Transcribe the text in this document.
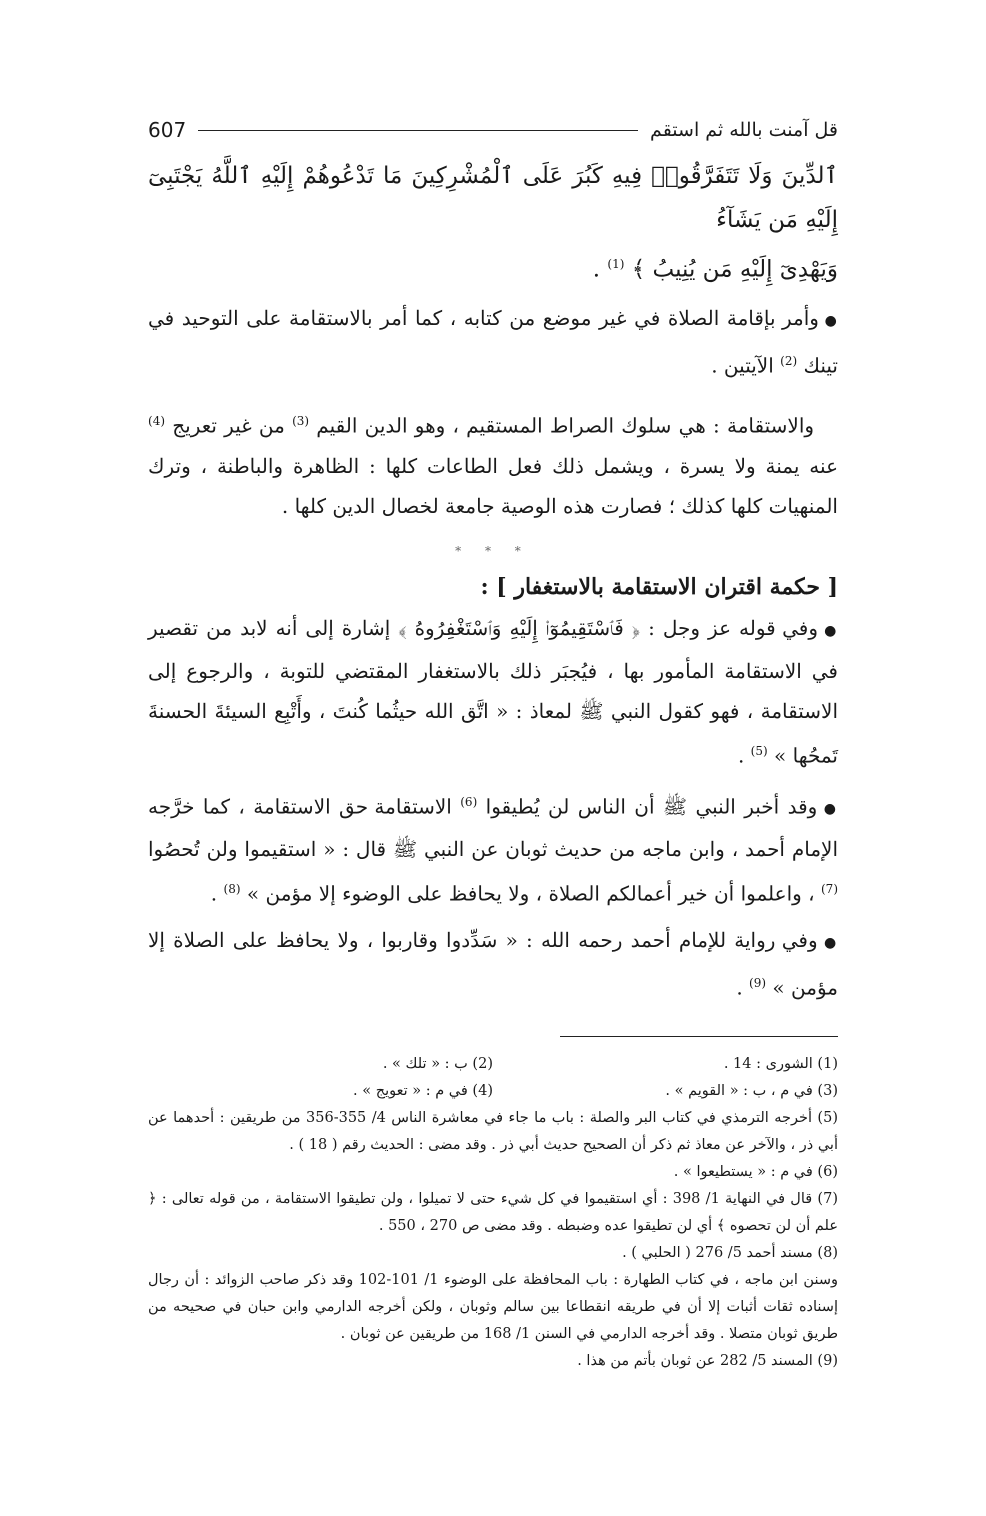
قل آمنت بالله ثم استقم
607
ٱلدِّينَ وَلَا تَتَفَرَّقُوا۟ فِيهِ كَبُرَ عَلَى ٱلْمُشْرِكِينَ مَا تَدْعُوهُمْ إِلَيْهِ ٱللَّهُ يَجْتَبِىٓ إِلَيْهِ مَن يَشَآءُ
وَيَهْدِىٓ إِلَيْهِ مَن يُنِيبُ ﴾ $^{(1)}$ .

● وأمر بإقامة الصلاة في غير موضع من كتابه ، كما أمر بالاستقامة على التوحيد في تينك $^{(2)}$ الآيتين .

والاستقامة : هي سلوك الصراط المستقيم ، وهو الدين القيم $^{(3)}$ من غير تعريج $^{(4)}$ عنه يمنة ولا يسرة ، ويشمل ذلك فعل الطاعات كلها : الظاهرة والباطنة ، وترك المنهيات كلها كذلك ؛ فصارت هذه الوصية جامعة لخصال الدين كلها .

* * *
[ حكمة اقتران الاستقامة بالاستغفار ] :

● وفي قوله عز وجل : ﴿ فَٱسْتَقِيمُوٓا۟ إِلَيْهِ وَٱسْتَغْفِرُوهُ ﴾ إشارة إلى أنه لابد من تقصير في الاستقامة المأمور بها ، فيُجبَر ذلك بالاستغفار المقتضي للتوبة ، والرجوع إلى الاستقامة ، فهو كقول النبي ﷺ لمعاذ : « اتَّق الله حيثُما كُنتَ ، وأَتْبِع السيئةَ الحسنةَ تَمحُها » $^{(5)}$ .

● وقد أخبر النبي ﷺ أن الناس لن يُطيقوا $^{(6)}$ الاستقامة حق الاستقامة ، كما خرَّجه الإمام أحمد ، وابن ماجه من حديث ثوبان عن النبي ﷺ قال : « استقيموا ولن تُحصُوا $^{(7)}$ ، واعلموا أن خير أعمالكم الصلاة ، ولا يحافظ على الوضوء إلا مؤمن » $^{(8)}$ .

● وفي رواية للإمام أحمد رحمه الله : « سَدِّدوا وقاربوا ، ولا يحافظ على الصلاة إلا مؤمن » $^{(9)}$ .

(1) الشورى : 14 .
(2) ب : « تلك » .
(3) في م ، ب : « القويم » .
(4) في م : « تعويج » .
(5) أخرجه الترمذي في كتاب البر والصلة : باب ما جاء في معاشرة الناس 4/ 355-356 من طريقين : أحدهما عن أبي ذر ، والآخر عن معاذ ثم ذكر أن الصحيح حديث أبي ذر . وقد مضى : الحديث رقم ( 18 ) .
(6) في م : « يستطيعوا » .
(7) قال في النهاية 1/ 398 : أي استقيموا في كل شيء حتى لا تميلوا ، ولن تطيقوا الاستقامة ، من قوله تعالى : ﴿ علم أن لن تحصوه ﴾ أي لن تطيقوا عده وضبطه . وقد مضى ص 270 ، 550 .
(8) مسند أحمد 5/ 276 ( الحلبي ) .
وسنن ابن ماجه ، في كتاب الطهارة : باب المحافظة على الوضوء 1/ 101-102 وقد ذكر صاحب الزوائد : أن رجال إسناده ثقات أثبات إلا أن في طريقه انقطاعا بين سالم وثوبان ، ولكن أخرجه الدارمي وابن حبان في صحيحه من طريق ثوبان متصلا . وقد أخرجه الدارمي في السنن 1/ 168 من طريقين عن ثوبان .
(9) المسند 5/ 282 عن ثوبان بأتم من هذا .
